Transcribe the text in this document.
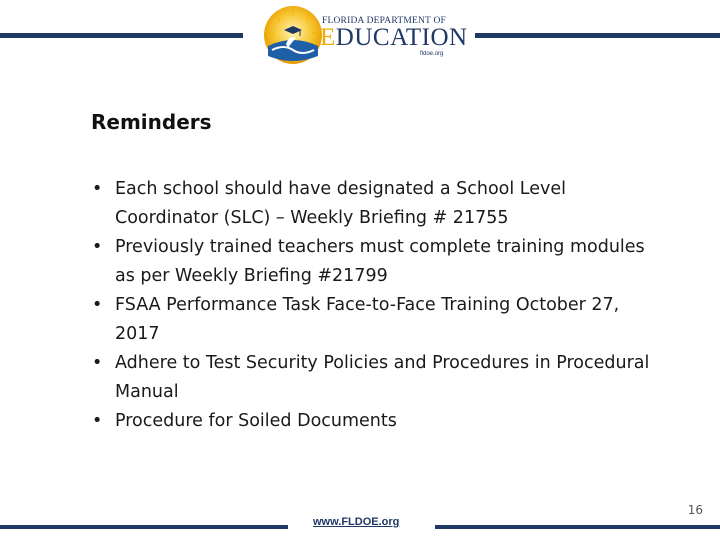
FLORIDA DEPARTMENT OF
EDUCATION
fldoe.org
Reminders
• Each school should have designated a School Level Coordinator (SLC) – Weekly Briefing # 21755
• Previously trained teachers must complete training modules as per Weekly Briefing #21799
• FSAA Performance Task Face-to-Face Training October 27, 2017
• Adhere to Test Security Policies and Procedures in Procedural Manual
• Procedure for Soiled Documents
www.FLDOE.org
16
